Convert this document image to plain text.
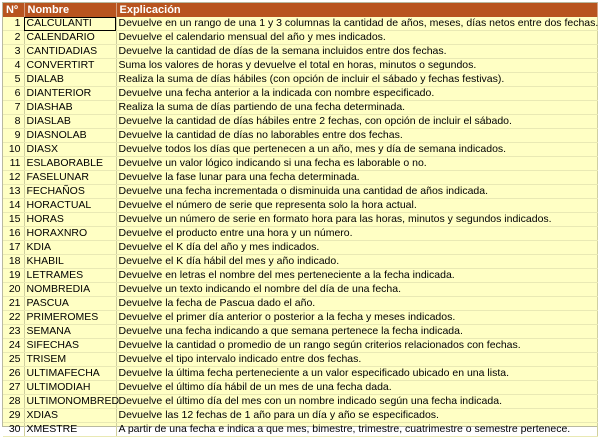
Nº	Nombre	Explicación
1	CALCULANTI	Devuelve en un rango de una 1 y 3 columnas la cantidad de años, meses, días netos entre dos fechas.
2	CALENDARIO	Devuelve el calendario mensual del año y mes indicados.
3	CANTIDADIAS	Devuelve la cantidad de días de la semana incluidos entre dos fechas.
4	CONVERTIRT	Suma los valores de horas y devuelve el total en horas, minutos o segundos.
5	DIALAB	Realiza la suma de días hábiles (con opción de incluir el sábado y fechas festivas).
6	DIANTERIOR	Devuelve una fecha anterior a la indicada con nombre especificado.
7	DIASHAB	Realiza la suma de días partiendo de una fecha determinada.
8	DIASLAB	Devuelve la cantidad de días hábiles entre 2 fechas, con opción de incluir el sábado.
9	DIASNOLAB	Devuelve la cantidad de días no laborables entre dos fechas.
10	DIASX	Devuelve todos los días que pertenecen a un año, mes y día de semana indicados.
11	ESLABORABLE	Devuelve un valor lógico indicando si una fecha es laborable o no.
12	FASELUNAR	Devuelve la fase lunar para una fecha determinada.
13	FECHAÑOS	Devuelve una fecha incrementada o disminuida una cantidad de años indicada.
14	HORACTUAL	Devuelve el número de serie que representa solo la hora actual.
15	HORAS	Devuelve un número de serie en formato hora para las horas, minutos y segundos indicados.
16	HORAXNRO	Devuelve el producto entre una hora y un número.
17	KDIA	Devuelve el K día del año y mes indicados.
18	KHABIL	Devuelve el K día hábil del mes y año indicado.
19	LETRAMES	Devuelve en letras el nombre del mes perteneciente a la fecha indicada.
20	NOMBREDIA	Devuelve un texto indicando el nombre del día de una fecha.
21	PASCUA	Devuelve la fecha de Pascua dado el año.
22	PRIMEROMES	Devuelve el primer día anterior o posterior a la fecha y meses indicados.
23	SEMANA	Devuelve una fecha indicando a que semana pertenece la fecha indicada.
24	SIFECHAS	Devuelve la cantidad o promedio de un rango según criterios relacionados con fechas.
25	TRISEM	Devuelve el tipo intervalo indicado entre dos fechas.
26	ULTIMAFECHA	Devuelve la última fecha perteneciente a un valor especificado ubicado en una lista.
27	ULTIMODIAH	Devuelve el último día hábil de un mes de una fecha dada.
28	ULTIMONOMBRED	Devuelve el último día del mes con un nombre indicado según una fecha indicada.
29	XDIAS	Devuelve las 12 fechas de 1 año para un día y año se especificados.
30	XMESTRE	A partir de una fecha e indica a que mes, bimestre, trimestre, cuatrimestre o semestre pertenece.
